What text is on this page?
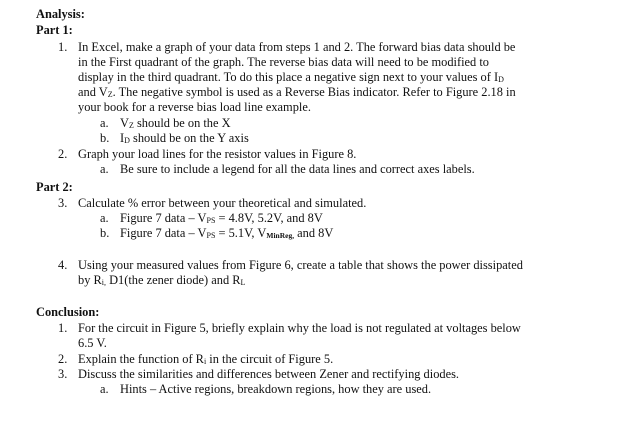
Analysis:
Part 1:
1. In Excel, make a graph of your data from steps 1 and 2. The forward bias data should be
in the First quadrant of the graph. The reverse bias data will need to be modified to
display in the third quadrant. To do this place a negative sign next to your values of ID
and VZ. The negative symbol is used as a Reverse Bias indicator. Refer to Figure 2.18 in
your book for a reverse bias load line example.
a. VZ should be on the X
b. ID should be on the Y axis
2. Graph your load lines for the resistor values in Figure 8.
a. Be sure to include a legend for all the data lines and correct axes labels.
Part 2:
3. Calculate % error between your theoretical and simulated.
a. Figure 7 data – VPS = 4.8V, 5.2V, and 8V
b. Figure 7 data – VPS = 5.1V, VMinReg, and 8V
4. Using your measured values from Figure 6, create a table that shows the power dissipated
by Ri, D1(the zener diode) and RL
Conclusion:
1. For the circuit in Figure 5, briefly explain why the load is not regulated at voltages below
6.5 V.
2. Explain the function of Ri in the circuit of Figure 5.
3. Discuss the similarities and differences between Zener and rectifying diodes.
a. Hints – Active regions, breakdown regions, how they are used.
